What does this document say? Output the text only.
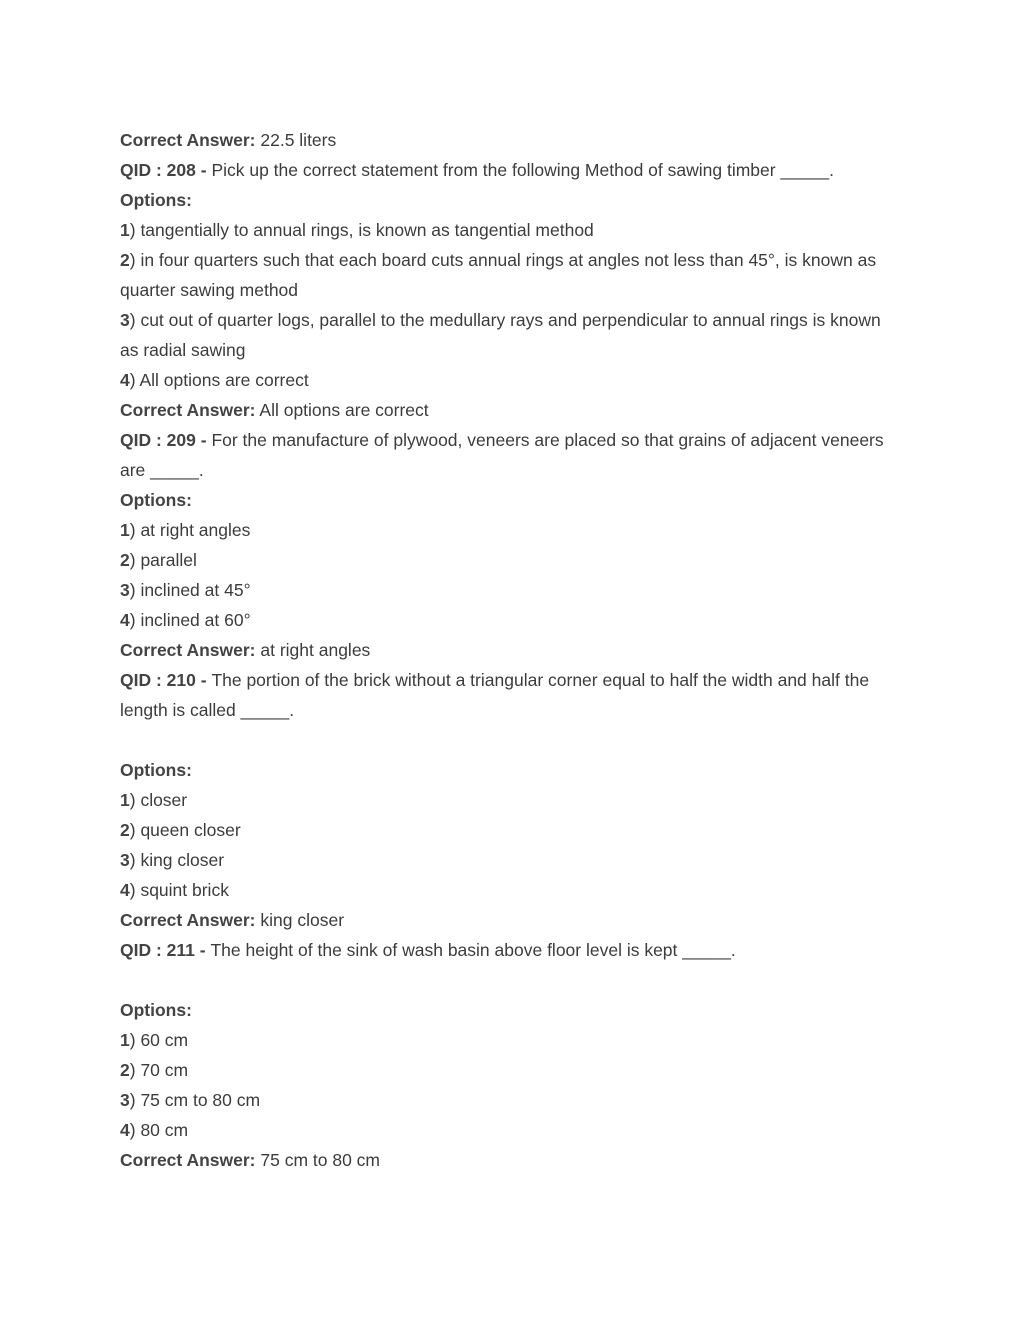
Correct Answer: 22.5 liters
QID : 208 - Pick up the correct statement from the following Method of sawing timber _____.
Options:
1) tangentially to annual rings, is known as tangential method
2) in four quarters such that each board cuts annual rings at angles not less than 45°, is known as quarter sawing method
3) cut out of quarter logs, parallel to the medullary rays and perpendicular to annual rings is known as radial sawing
4) All options are correct
Correct Answer: All options are correct
QID : 209 - For the manufacture of plywood, veneers are placed so that grains of adjacent veneers are _____.
Options:
1) at right angles
2) parallel
3) inclined at 45°
4) inclined at 60°
Correct Answer: at right angles
QID : 210 - The portion of the brick without a triangular corner equal to half the width and half the length is called _____.
Options:
1) closer
2) queen closer
3) king closer
4) squint brick
Correct Answer: king closer
QID : 211 - The height of the sink of wash basin above floor level is kept _____.
Options:
1) 60 cm
2) 70 cm
3) 75 cm to 80 cm
4) 80 cm
Correct Answer: 75 cm to 80 cm
